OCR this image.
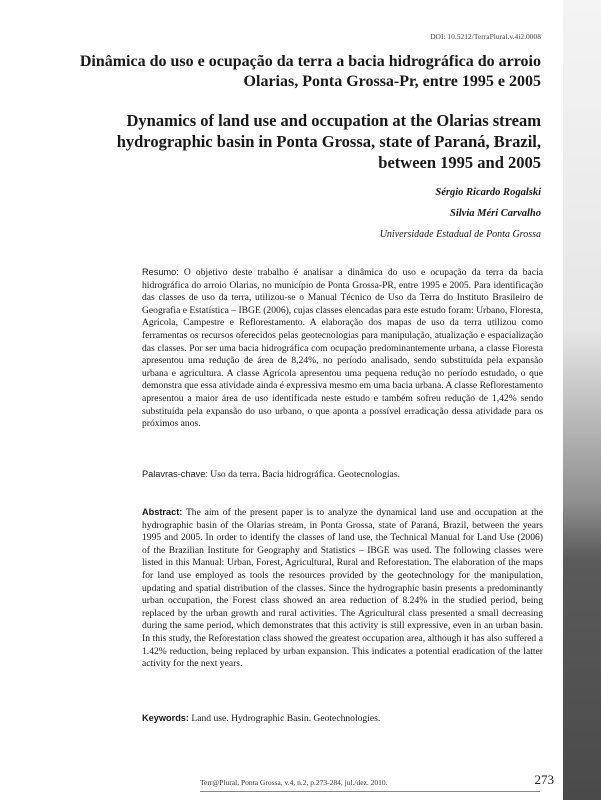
DOI: 10.5212/TerraPlural.v.4i2.0008
Dinâmica do uso e ocupação da terra a bacia hidrográfica do arroio Olarias, Ponta Grossa-Pr, entre 1995 e 2005
Dynamics of land use and occupation at the Olarias stream hydrographic basin in Ponta Grossa, state of Paraná, Brazil, between 1995 and 2005

Sérgio Ricardo Rogalski

Silvia Méri Carvalho

Universidade Estadual de Ponta Grossa

Resumo: O objetivo deste trabalho é analisar a dinâmica do uso e ocupação da terra da bacia hidrográfica do arroio Olarias, no município de Ponta Grossa-PR, entre 1995 e 2005. Para identificação das classes de uso da terra, utilizou-se o Manual Técnico de Uso da Terra do Instituto Brasileiro de Geografia e Estatística – IBGE (2006), cujas classes elencadas para este estudo foram: Urbano, Floresta, Agrícola, Campestre e Reflorestamento. A elaboração dos mapas de uso da terra utilizou como ferramentas os recursos oferecidos pelas geotecnologias para manipulação, atualização e espacialização das classes. Por ser uma bacia hidrográfica com ocupação predominantemente urbana, a classe Floresta apresentou uma redução de área de 8,24%, no período analisado, sendo substituída pela expansão urbana e agricultura. A classe Agrícola apresentou uma pequena redução no período estudado, o que demonstra que essa atividade ainda é expressiva mesmo em uma bacia urbana. A classe Reflorestamento apresentou a maior área de uso identificada neste estudo e também sofreu redução de 1,42% sendo substituída pela expansão do uso urbano, o que aponta a possível erradicação dessa atividade para os próximos anos.

Palavras-chave: Uso da terra. Bacia hidrográfica. Geotecnologias.

Abstract: The aim of the present paper is to analyze the dynamical land use and occupation at the hydrographic basin of the Olarias stream, in Ponta Grossa, state of Paraná, Brazil, between the years 1995 and 2005. In order to identify the classes of land use, the Technical Manual for Land Use (2006) of the Brazilian Institute for Geography and Statistics – IBGE was used. The following classes were listed in this Manual: Urban, Forest, Agricultural, Rural and Reforestation. The elaboration of the maps for land use employed as tools the resources provided by the geotechnology for the manipulation, updating and spatial distribution of the classes. Since the hydrographic basin presents a predominantly urban occupation, the Forest class showed an area reduction of 8.24% in the studied period, being replaced by the urban growth and rural activities. The Agricultural class presented a small decreasing during the same period, which demonstrates that this activity is still expressive, even in an urban basin. In this study, the Reforestation class showed the greatest occupation area, although it has also suffered a 1.42% reduction, being replaced by urban expansion. This indicates a potential eradication of the latter activity for the next years.

Keywords: Land use. Hydrographic Basin. Geotechnologies.

Terr@Plural, Ponta Grossa, v.4, n.2, p.273-284, jul./dez. 2010.	273
